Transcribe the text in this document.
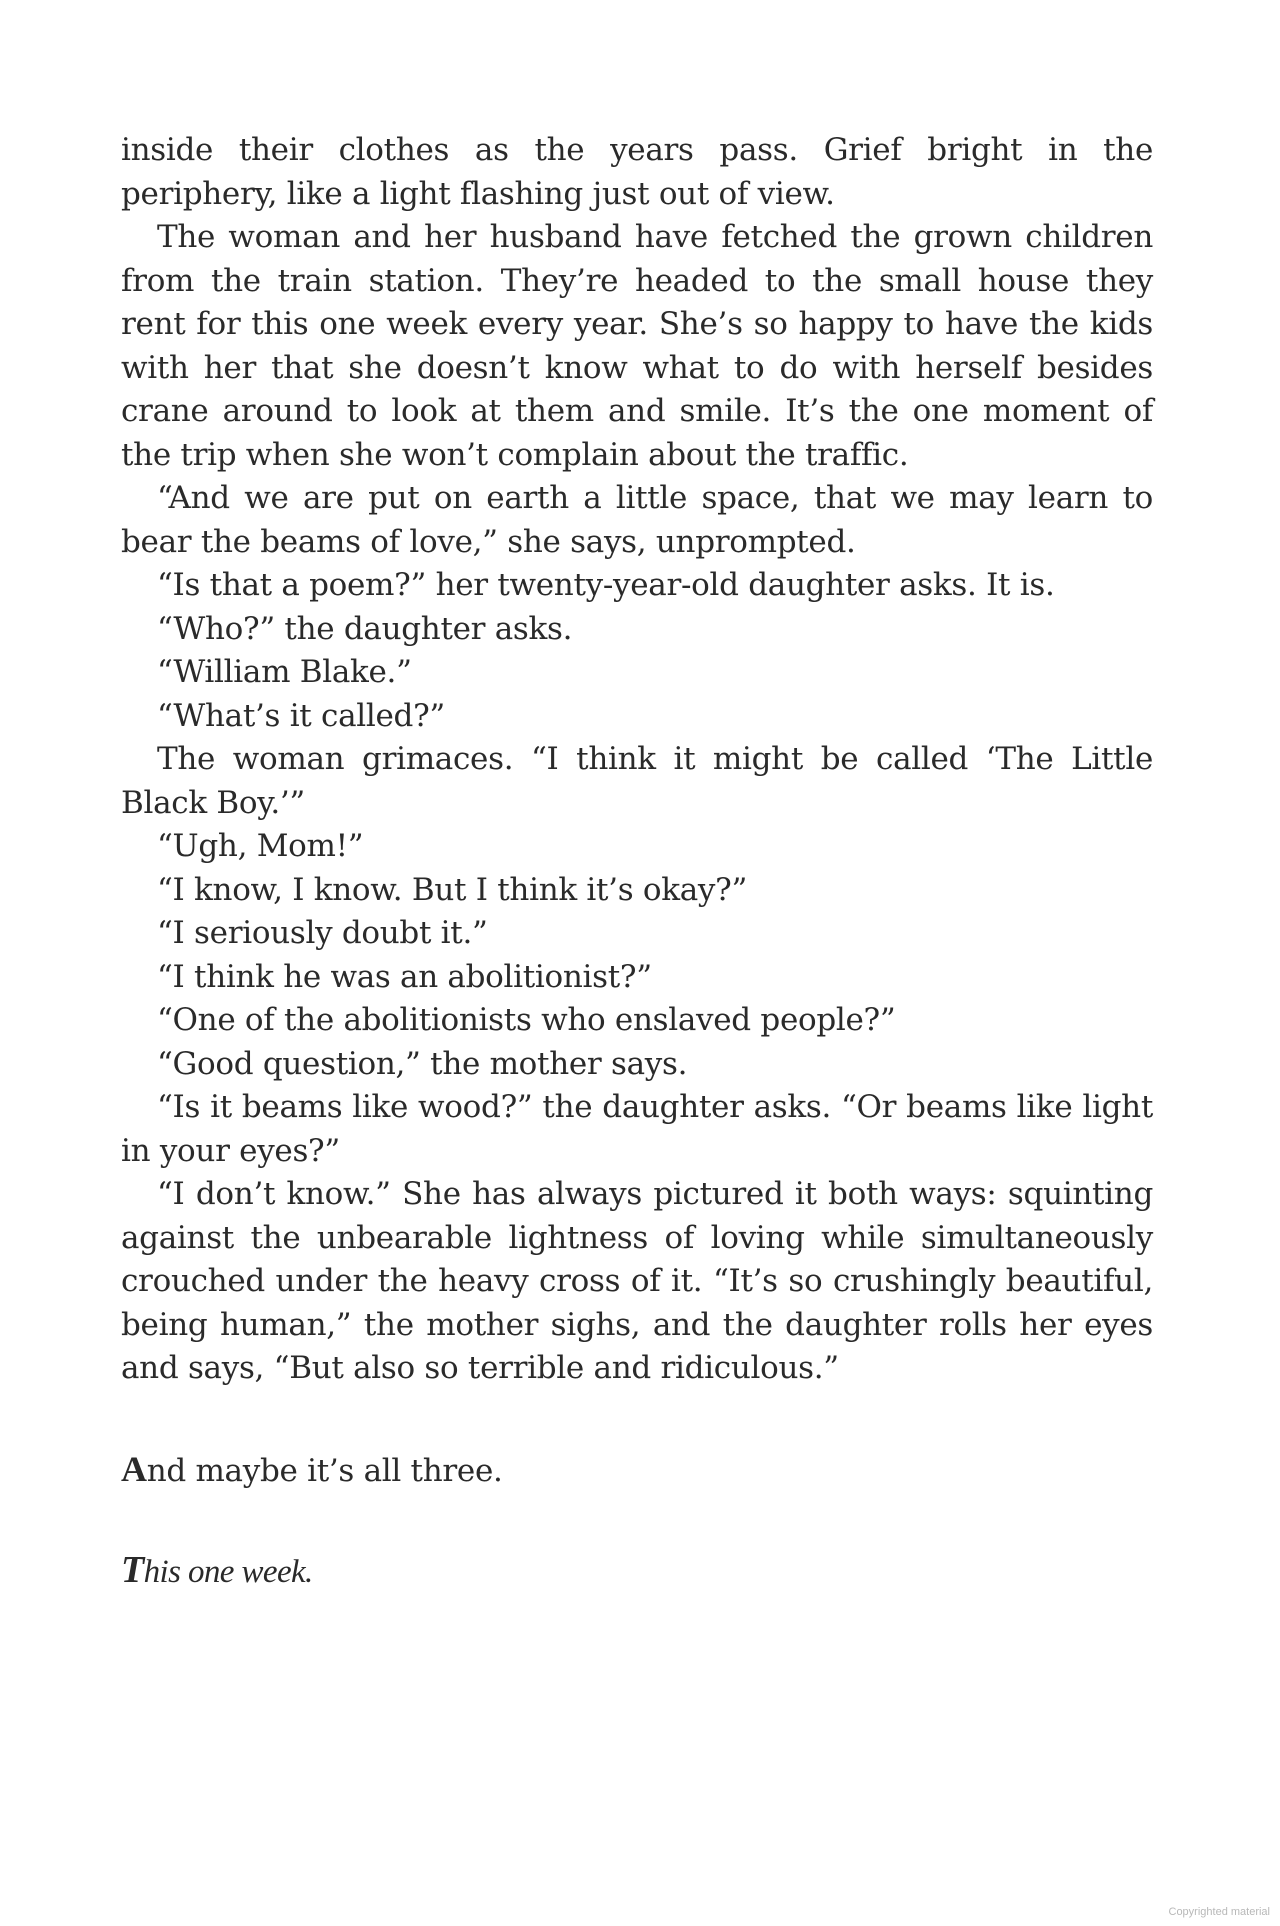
inside their clothes as the years pass. Grief bright in the periphery, like a light flashing just out of view.

The woman and her husband have fetched the grown children from the train station. They’re headed to the small house they rent for this one week every year. She’s so happy to have the kids with her that she doesn’t know what to do with herself besides crane around to look at them and smile. It’s the one moment of the trip when she won’t complain about the traffic.

“And we are put on earth a little space, that we may learn to bear the beams of love,” she says, unprompted.

“Is that a poem?” her twenty-year-old daughter asks. It is.

“Who?” the daughter asks.

“William Blake.”

“What’s it called?”

The woman grimaces. “I think it might be called ‘The Little Black Boy.’”

“Ugh, Mom!”

“I know, I know. But I think it’s okay?”

“I seriously doubt it.”

“I think he was an abolitionist?”

“One of the abolitionists who enslaved people?”

“Good question,” the mother says.

“Is it beams like wood?” the daughter asks. “Or beams like light in your eyes?”

“I don’t know.” She has always pictured it both ways: squinting against the unbearable lightness of loving while simultaneously crouched under the heavy cross of it. “It’s so crushingly beautiful, being human,” the mother sighs, and the daughter rolls her eyes and says, “But also so terrible and ridiculous.”

And maybe it’s all three.

This one week.

Copyrighted material
